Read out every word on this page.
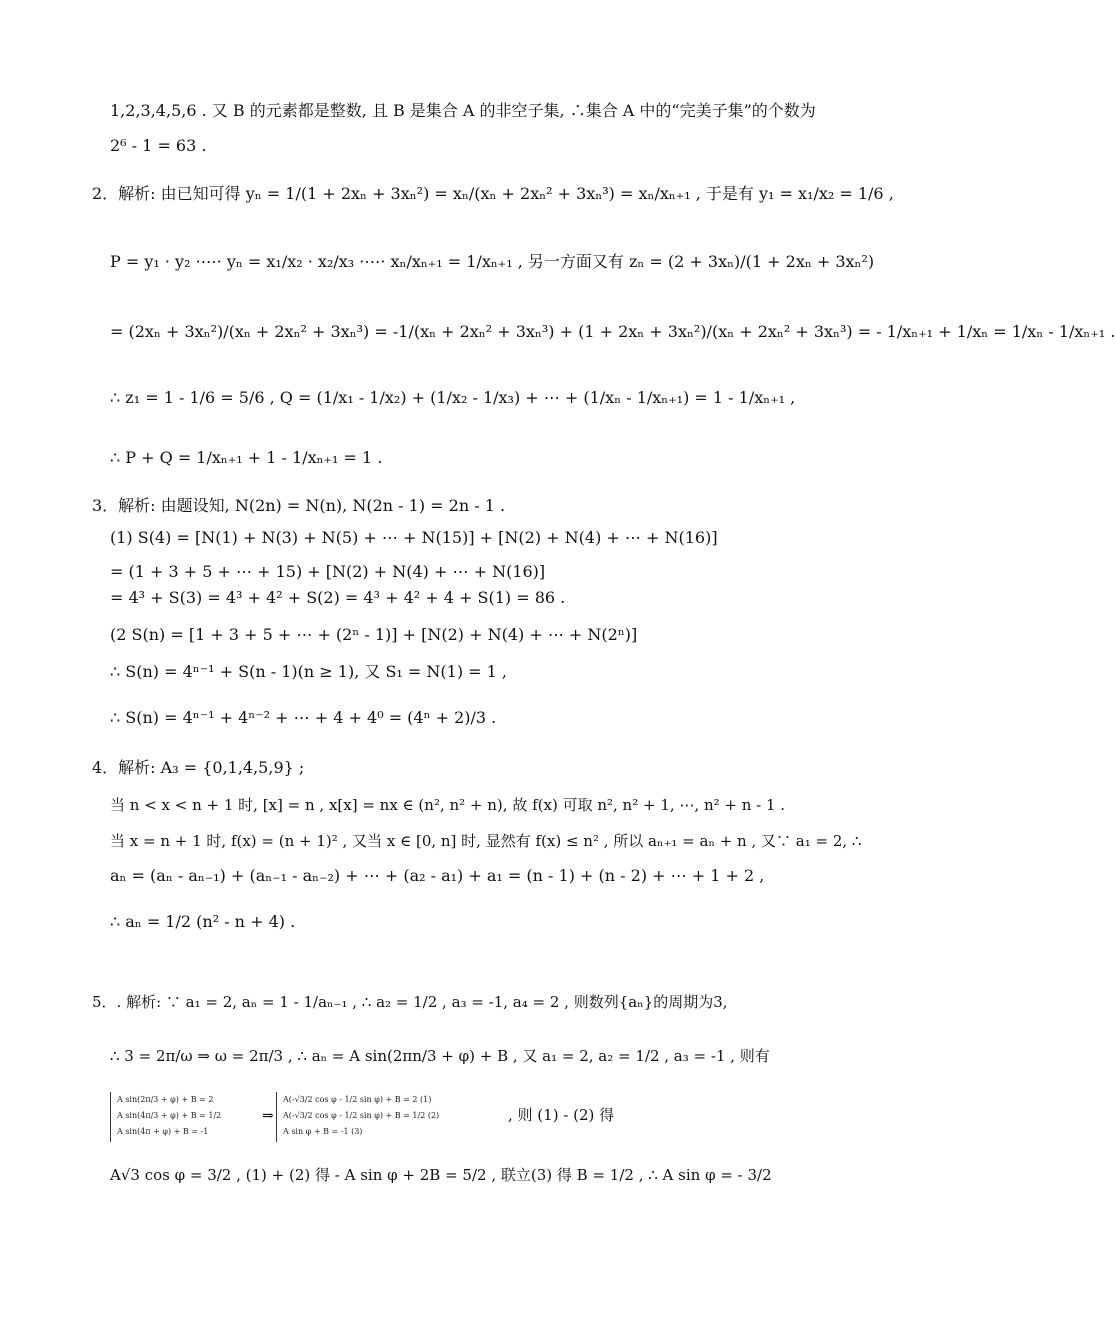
1,2,3,4,5,6 . 又 B 的元素都是整数, 且 B 是集合 A 的非空子集, ∴集合 A 中的“完美子集”的个数为
2⁶ - 1 = 63 .
2．解析: 由已知可得 yₙ = 1/(1 + 2xₙ + 3xₙ²) = xₙ/(xₙ + 2xₙ² + 3xₙ³) = xₙ/xₙ₊₁ , 于是有 y₁ = x₁/x₂ = 1/6 ,
P = y₁ · y₂ ·⋯· yₙ = x₁/x₂ · x₂/x₃ ·⋯· xₙ/xₙ₊₁ = 1/xₙ₊₁ , 另一方面又有 zₙ = (2 + 3xₙ)/(1 + 2xₙ + 3xₙ²)
= (2xₙ + 3xₙ²)/(xₙ + 2xₙ² + 3xₙ³) = -1/(xₙ + 2xₙ² + 3xₙ³) + (1 + 2xₙ + 3xₙ²)/(xₙ + 2xₙ² + 3xₙ³) = - 1/xₙ₊₁ + 1/xₙ = 1/xₙ - 1/xₙ₊₁ .
∴ z₁ = 1 - 1/6 = 5/6 , Q = (1/x₁ - 1/x₂) + (1/x₂ - 1/x₃) + ⋯ + (1/xₙ - 1/xₙ₊₁) = 1 - 1/xₙ₊₁ ,
∴ P + Q = 1/xₙ₊₁ + 1 - 1/xₙ₊₁ = 1 .
3．解析: 由题设知, N(2n) = N(n), N(2n - 1) = 2n - 1 .
(1) S(4) = [N(1) + N(3) + N(5) + ⋯ + N(15)] + [N(2) + N(4) + ⋯ + N(16)]
= (1 + 3 + 5 + ⋯ + 15) + [N(2) + N(4) + ⋯ + N(16)]
= 4³ + S(3) = 4³ + 4² + S(2) = 4³ + 4² + 4 + S(1) = 86 .
(2 S(n) = [1 + 3 + 5 + ⋯ + (2ⁿ - 1)] + [N(2) + N(4) + ⋯ + N(2ⁿ)]
∴ S(n) = 4ⁿ⁻¹ + S(n - 1)(n ≥ 1), 又 S₁ = N(1) = 1 ,
∴ S(n) = 4ⁿ⁻¹ + 4ⁿ⁻² + ⋯ + 4 + 4⁰ = (4ⁿ + 2)/3 .
4．解析: A₃ = {0,1,4,5,9} ;
当 n < x < n + 1 时, [x] = n , x[x] = nx ∈ (n², n² + n), 故 f(x) 可取 n², n² + 1, ⋯, n² + n - 1 .
当 x = n + 1 时, f(x) = (n + 1)² , 又当 x ∈ [0, n] 时, 显然有 f(x) ≤ n² , 所以 aₙ₊₁ = aₙ + n , 又∵ a₁ = 2, ∴
aₙ = (aₙ - aₙ₋₁) + (aₙ₋₁ - aₙ₋₂) + ⋯ + (a₂ - a₁) + a₁ = (n - 1) + (n - 2) + ⋯ + 1 + 2 ,
∴ aₙ = 1/2 (n² - n + 4) .
5．. 解析: ∵ a₁ = 2, aₙ = 1 - 1/aₙ₋₁ , ∴ a₂ = 1/2 , a₃ = -1, a₄ = 2 , 则数列{aₙ}的周期为3,
∴ 3 = 2π/ω ⇒ ω = 2π/3 , ∴ aₙ = A sin(2πn/3 + φ) + B , 又 a₁ = 2, a₂ = 1/2 , a₃ = -1 , 则有
A sin(2π/3 + φ) + B = 2
A sin(4π/3 + φ) + B = 1/2
A sin(4π + φ) + B = -1
⇒
A(-√3/2 cos φ - 1/2 sin φ) + B = 2 (1)
A(-√3/2 cos φ - 1/2 sin φ) + B = 1/2 (2)
A sin φ + B = -1 (3)
, 则 (1) - (2) 得
A√3 cos φ = 3/2 , (1) + (2) 得 - A sin φ + 2B = 5/2 , 联立(3) 得 B = 1/2 , ∴ A sin φ = - 3/2
